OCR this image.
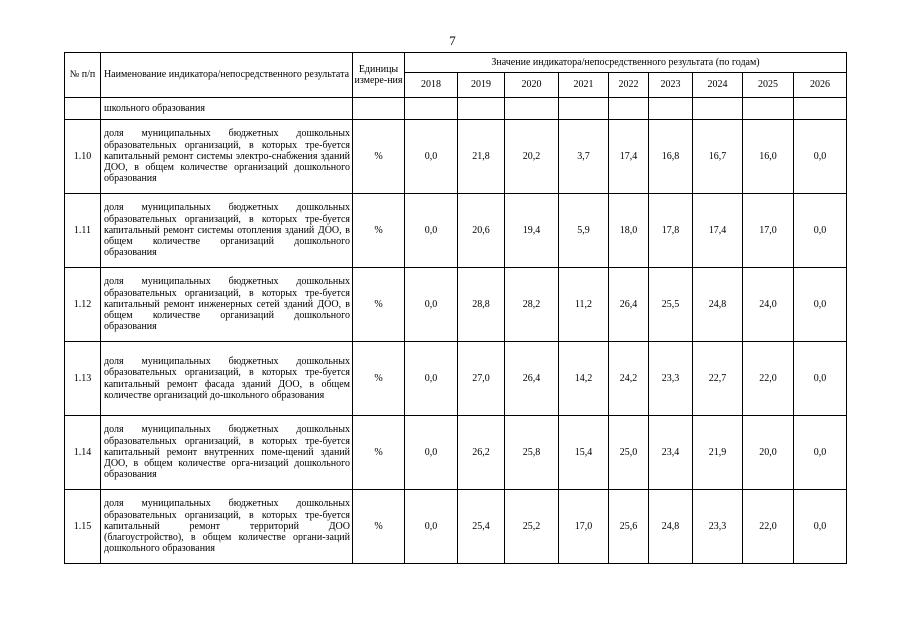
7
№ п/п	Наименование индикатора/непосредственного результата	Единицы измере-ния	Значение индикатора/непосредственного результата (по годам)								
			2018	2019	2020	2021	2022	2023	2024	2025	2026
	школьного образования										
1.10	доля муниципальных бюджетных дошкольных образовательных организаций, в которых тре-буется капитальный ремонт системы электро-снабжения зданий ДОО, в общем количестве организаций дошкольного образования	%	0,0	21,8	20,2	3,7	17,4	16,8	16,7	16,0	0,0
1.11	доля муниципальных бюджетных дошкольных образовательных организаций, в которых тре-буется капитальный ремонт системы отопления зданий ДОО, в общем количестве организаций дошкольного образования	%	0,0	20,6	19,4	5,9	18,0	17,8	17,4	17,0	0,0
1.12	доля муниципальных бюджетных дошкольных образовательных организаций, в которых тре-буется капитальный ремонт инженерных сетей зданий ДОО, в общем количестве организаций дошкольного образования	%	0,0	28,8	28,2	11,2	26,4	25,5	24,8	24,0	0,0
1.13	доля муниципальных бюджетных дошкольных образовательных организаций, в которых тре-буется капитальный ремонт фасада зданий ДОО, в общем количестве организаций до-школьного образования	%	0,0	27,0	26,4	14,2	24,2	23,3	22,7	22,0	0,0
1.14	доля муниципальных бюджетных дошкольных образовательных организаций, в которых тре-буется капитальный ремонт внутренних поме-щений зданий ДОО, в общем количестве орга-низаций дошкольного образования	%	0,0	26,2	25,8	15,4	25,0	23,4	21,9	20,0	0,0
1.15	доля муниципальных бюджетных дошкольных образовательных организаций, в которых тре-буется капитальный ремонт территорий ДОО (благоустройство), в общем количестве органи-заций дошкольного образования	%	0,0	25,4	25,2	17,0	25,6	24,8	23,3	22,0	0,0
